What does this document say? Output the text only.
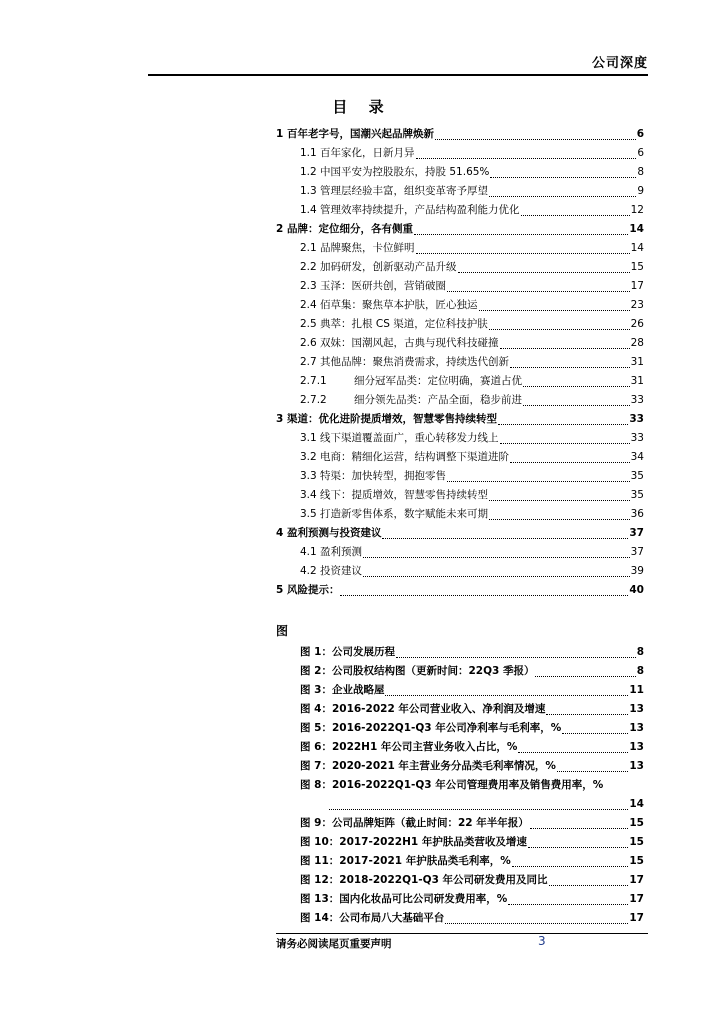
公司深度
目 录
1 百年老字号，国潮兴起品牌焕新	6
1.1 百年家化，日新月异	6
1.2 中国平安为控股股东，持股 51.65%	8
1.3 管理层经验丰富，组织变革寄予厚望	9
1.4 管理效率持续提升，产品结构盈利能力优化	12
2 品牌：定位细分，各有侧重	14
2.1 品牌聚焦，卡位鲜明	14
2.2 加码研发，创新驱动产品升级	15
2.3 玉泽：医研共创，营销破圈	17
2.4 佰草集：聚焦草本护肤，匠心独运	23
2.5 典萃：扎根 CS 渠道，定位科技护肤	26
2.6 双妹：国潮风起，古典与现代科技碰撞	28
2.7 其他品牌：聚焦消费需求，持续迭代创新	31
2.7.1	细分冠军品类：定位明确，赛道占优	31
2.7.2	细分领先品类：产品全面，稳步前进	33
3 渠道：优化进阶提质增效，智慧零售持续转型	33
3.1 线下渠道覆盖面广，重心转移发力线上	33
3.2 电商：精细化运营，结构调整下渠道进阶	34
3.3 特渠：加快转型，拥抱零售	35
3.4 线下：提质增效，智慧零售持续转型	35
3.5 打造新零售体系，数字赋能未来可期	36
4 盈利预测与投资建议	37
4.1 盈利预测	37
4.2 投资建议	39
5 风险提示：	40
图
图 1：公司发展历程	8
图 2：公司股权结构图（更新时间：22Q3 季报）	8
图 3：企业战略屋	11
图 4：2016-2022 年公司营业收入、净利润及增速	13
图 5：2016-2022Q1-Q3 年公司净利率与毛利率，%	13
图 6：2022H1 年公司主营业务收入占比，%	13
图 7：2020-2021 年主营业务分品类毛利率情况，%	13
图 8：2016-2022Q1-Q3 年公司管理费用率及销售费用率，%
14
图 9：公司品牌矩阵（截止时间：22 年半年报）	15
图 10：2017-2022H1 年护肤品类营收及增速	15
图 11：2017-2021 年护肤品类毛利率，%	15
图 12：2018-2022Q1-Q3 年公司研发费用及同比	17
图 13：国内化妆品可比公司研发费用率，%	17
图 14：公司布局八大基础平台	17
请务必阅读尾页重要声明	3
